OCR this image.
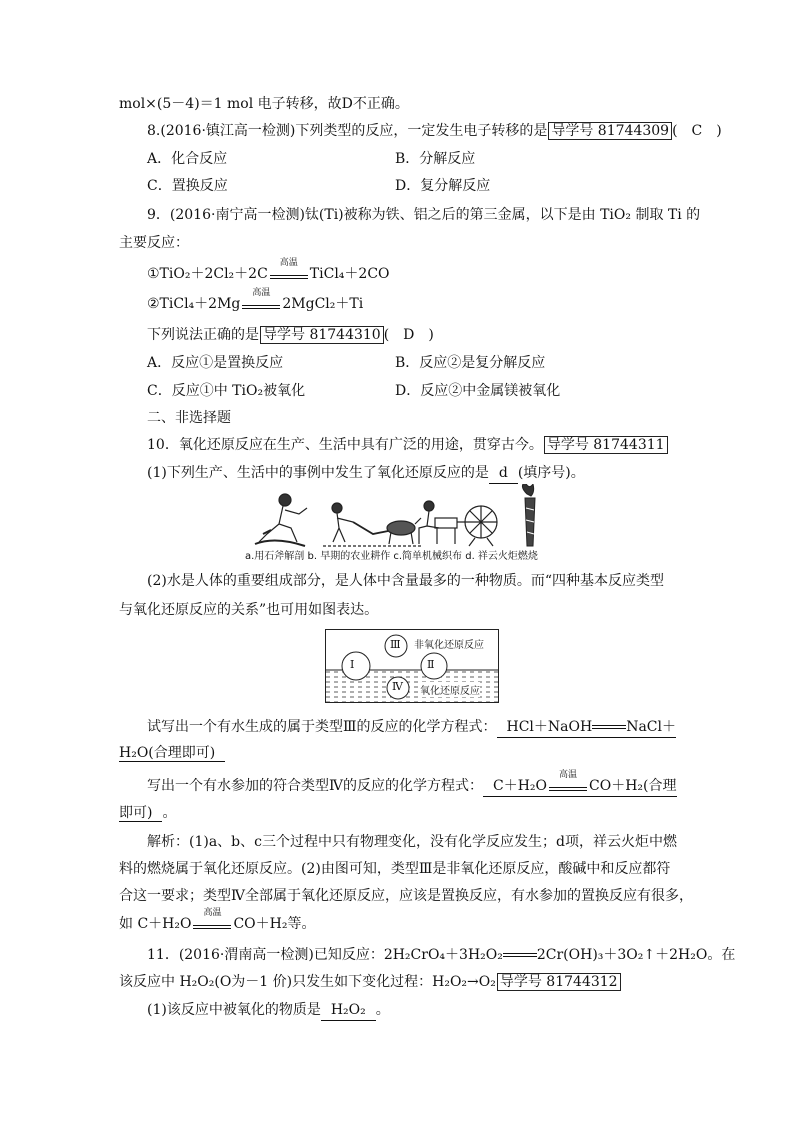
mol×(5－4)＝1 mol 电子转移，故D不正确。
8.(2016·镇江高一检测)下列类型的反应，一定发生电子转移的是 导学号 81744309 (　C　)
A．化合反应	B．分解反应
C．置换反应	D．复分解反应
9．(2016·南宁高一检测)钛(Ti)被称为铁、铝之后的第三金属，以下是由 TiO₂ 制取 Ti 的
主要反应：
①TiO₂＋2Cl₂＋2C
高温
TiCl₄＋2CO
②TiCl₄＋2Mg
高温
2MgCl₂＋Ti
下列说法正确的是 导学号 81744310 (　D　)
A．反应①是置换反应	B．反应②是复分解反应
C．反应①中 TiO₂被氧化	D．反应②中金属镁被氧化
二、非选择题
10．氧化还原反应在生产、生活中具有广泛的用途，贯穿古今。 导学号 81744311
(1)下列生产、生活中的事例中发生了氧化还原反应的是 d (填序号)。
a.用石斧解剖 b. 早期的农业耕作 c.简单机械织布 d. 祥云火炬燃烧
(2)水是人体的重要组成部分，是人体中含量最多的一种物质。而“四种基本反应类型
与氧化还原反应的关系”也可用如图表达。
Ⅰ
Ⅲ
Ⅱ
Ⅳ
非氧化还原反应
氧化还原反应
试写出一个有水生成的属于类型Ⅲ的反应的化学方程式： HCl＋NaOH NaCl＋
H₂O(合理即可)
写出一个有水参加的符合类型Ⅳ的反应的化学方程式： C＋H₂O
高温
CO＋H₂(合理
即可) 。
解析：(1)a、b、c三个过程中只有物理变化，没有化学反应发生；d项，祥云火炬中燃
料的燃烧属于氧化还原反应。(2)由图可知，类型Ⅲ是非氧化还原反应，酸碱中和反应都符
合这一要求；类型Ⅳ全部属于氧化还原反应，应该是置换反应，有水参加的置换反应有很多，
如 C＋H₂O
高温
CO＋H₂等。
11．(2016·渭南高一检测)已知反应：2H₂CrO₄＋3H₂O₂ 2Cr(OH)₃＋3O₂↑＋2H₂O。在
该反应中 H₂O₂(O为－1 价)只发生如下变化过程：H₂O₂→O₂ 导学号 81744312
(1)该反应中被氧化的物质是 H₂O₂ 。
